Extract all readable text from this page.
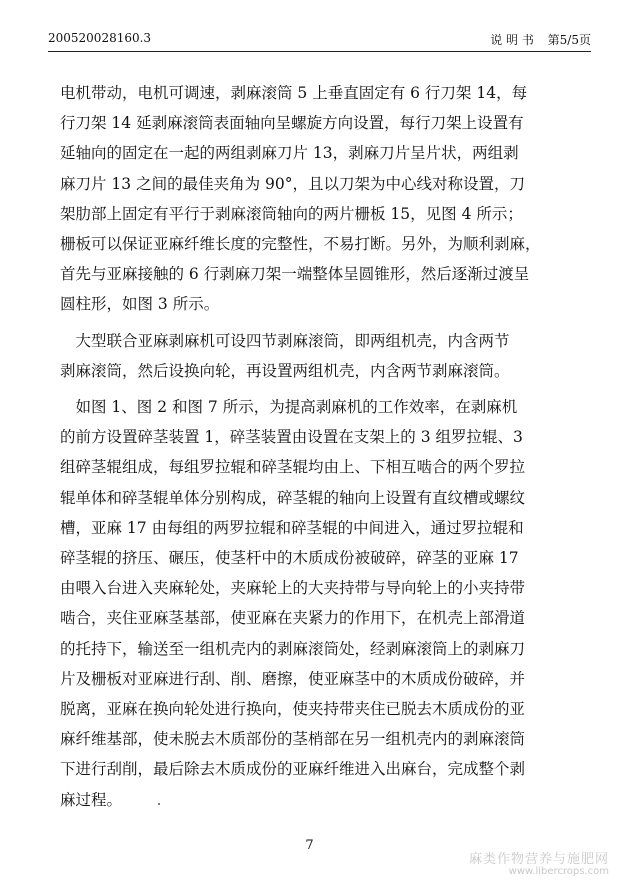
200520028160.3	说 明 书 第5/5页

电机带动，电机可调速，剥麻滚筒 5 上垂直固定有 6 行刀架 14，每
行刀架 14 延剥麻滚筒表面轴向呈螺旋方向设置，每行刀架上设置有
延轴向的固定在一起的两组剥麻刀片 13，剥麻刀片呈片状，两组剥
麻刀片 13 之间的最佳夹角为 90°，且以刀架为中心线对称设置，刀
架肋部上固定有平行于剥麻滚筒轴向的两片栅板 15，见图 4 所示；
栅板可以保证亚麻纤维长度的完整性，不易打断。另外，为顺利剥麻，
首先与亚麻接触的 6 行剥麻刀架一端整体呈圆锥形，然后逐渐过渡呈
圆柱形，如图 3 所示。

　大型联合亚麻剥麻机可设四节剥麻滚筒，即两组机壳，内含两节
剥麻滚筒，然后设换向轮，再设置两组机壳，内含两节剥麻滚筒。

　如图 1、图 2 和图 7 所示，为提高剥麻机的工作效率，在剥麻机
的前方设置碎茎装置 1，碎茎装置由设置在支架上的 3 组罗拉辊、3
组碎茎辊组成，每组罗拉辊和碎茎辊均由上、下相互啮合的两个罗拉
辊单体和碎茎辊单体分别构成，碎茎辊的轴向上设置有直纹槽或螺纹
槽，亚麻 17 由每组的两罗拉辊和碎茎辊的中间进入，通过罗拉辊和
碎茎辊的挤压、碾压，使茎杆中的木质成份被破碎，碎茎的亚麻 17
由喂入台进入夹麻轮处，夹麻轮上的大夹持带与导向轮上的小夹持带
啮合，夹住亚麻茎基部，使亚麻在夹紧力的作用下，在机壳上部滑道
的托持下，输送至一组机壳内的剥麻滚筒处，经剥麻滚筒上的剥麻刀
片及栅板对亚麻进行刮、削、磨擦，使亚麻茎中的木质成份破碎，并
脱离，亚麻在换向轮处进行换向，使夹持带夹住已脱去木质成份的亚
麻纤维基部，使未脱去木质部份的茎梢部在另一组机壳内的剥麻滚筒
下进行刮削，最后除去木质成份的亚麻纤维进入出麻台，完成整个剥
麻过程。

7
麻类作物营养与施肥网
www.libercrops.com
